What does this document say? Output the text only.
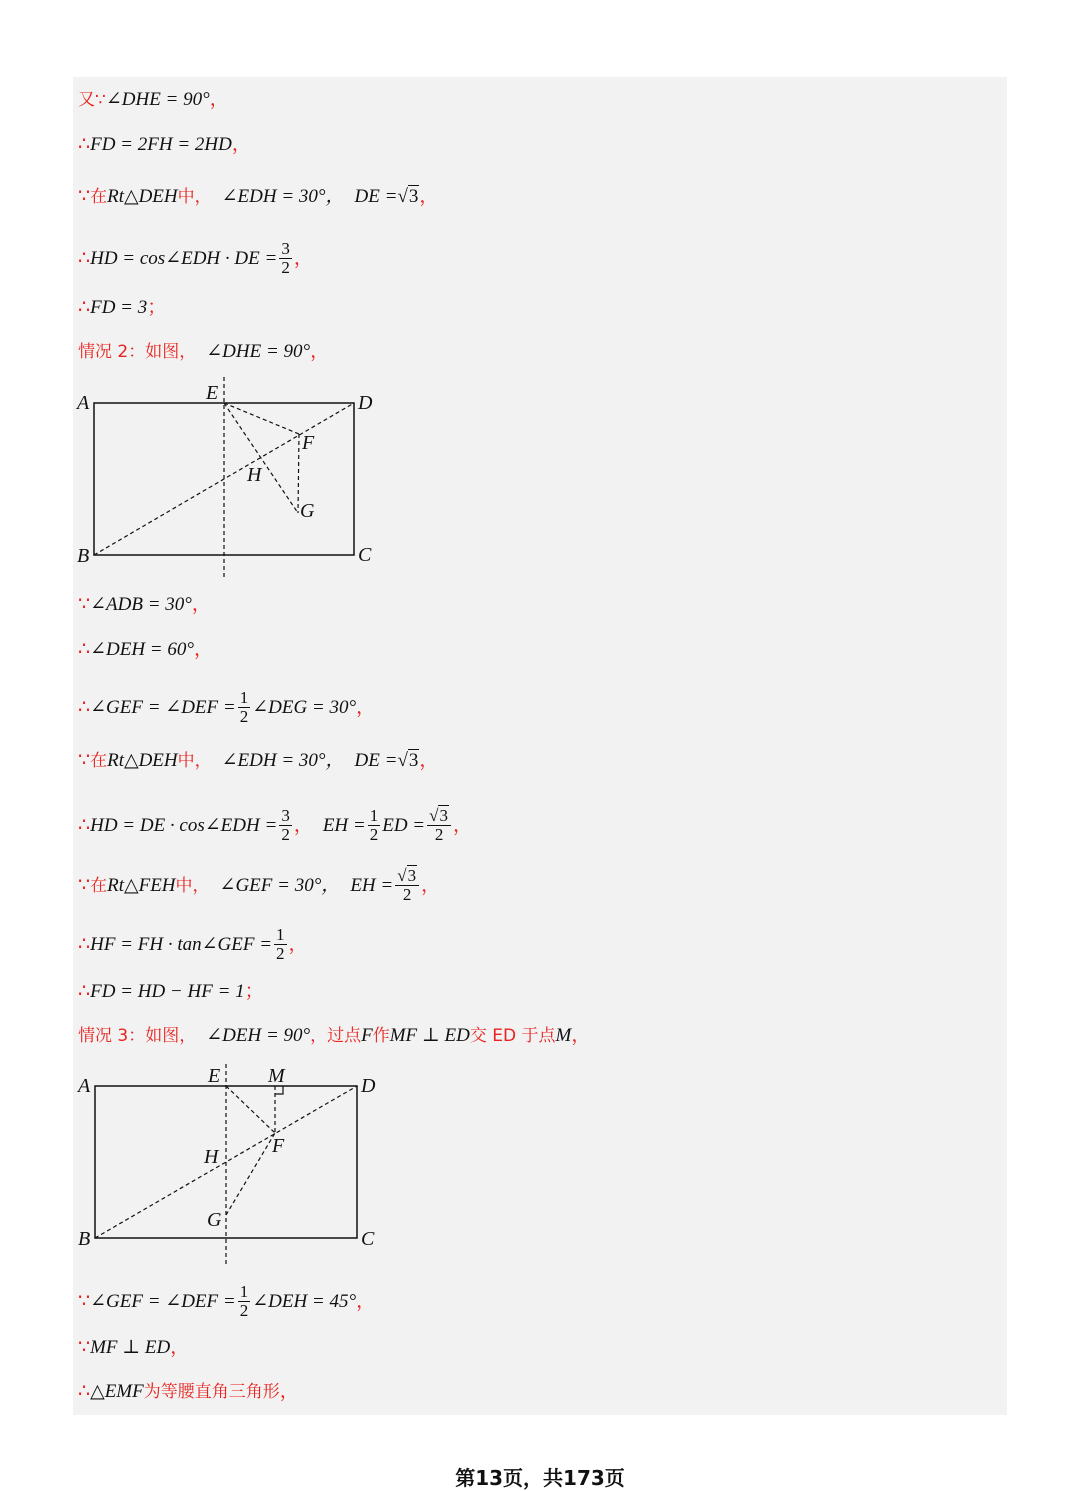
又∵ ∠DHE = 90° ，
∴ FD = 2FH = 2HD ，
∵ 在 Rt△DEH 中， ∠EDH = 30°， DE = √3 ，
∴ HD = cos∠EDH · DE = $\frac{3}{2}$ ，
∴ FD = 3 ；
情况 2：如图， ∠DHE = 90° ，
A
B	C
D
E
F
G
H
∵ ∠ADB = 30° ，
∴ ∠DEH = 60° ，
∴ ∠GEF = ∠DEF = $\frac{1}{2}$ ∠DEG = 30° ，
∵ 在 Rt△DEH 中， ∠EDH = 30°， DE = √3 ，
∴ HD = DE · cos∠EDH = $\frac{3}{2}$ ， EH = $\frac{1}{2}$ ED = $\frac{√3}{2}$ ，
∵ 在 Rt△FEH 中， ∠GEF = 30°， EH = $\frac{√3}{2}$ ，
∴ HF = FH · tan∠GEF = $\frac{1}{2}$ ，
∴ FD = HD − HF = 1 ；
情况 3：如图， ∠DEH = 90° ，过点 F 作 MF ⊥ ED 交 ED 于点 M ，
A
B	C
D
E
F
G
H
M
∵ ∠GEF = ∠DEF = $\frac{1}{2}$ ∠DEH = 45° ，
∵ MF ⊥ ED ，
∴ △EMF 为等腰直角三角形 ，
第13页，共173页
